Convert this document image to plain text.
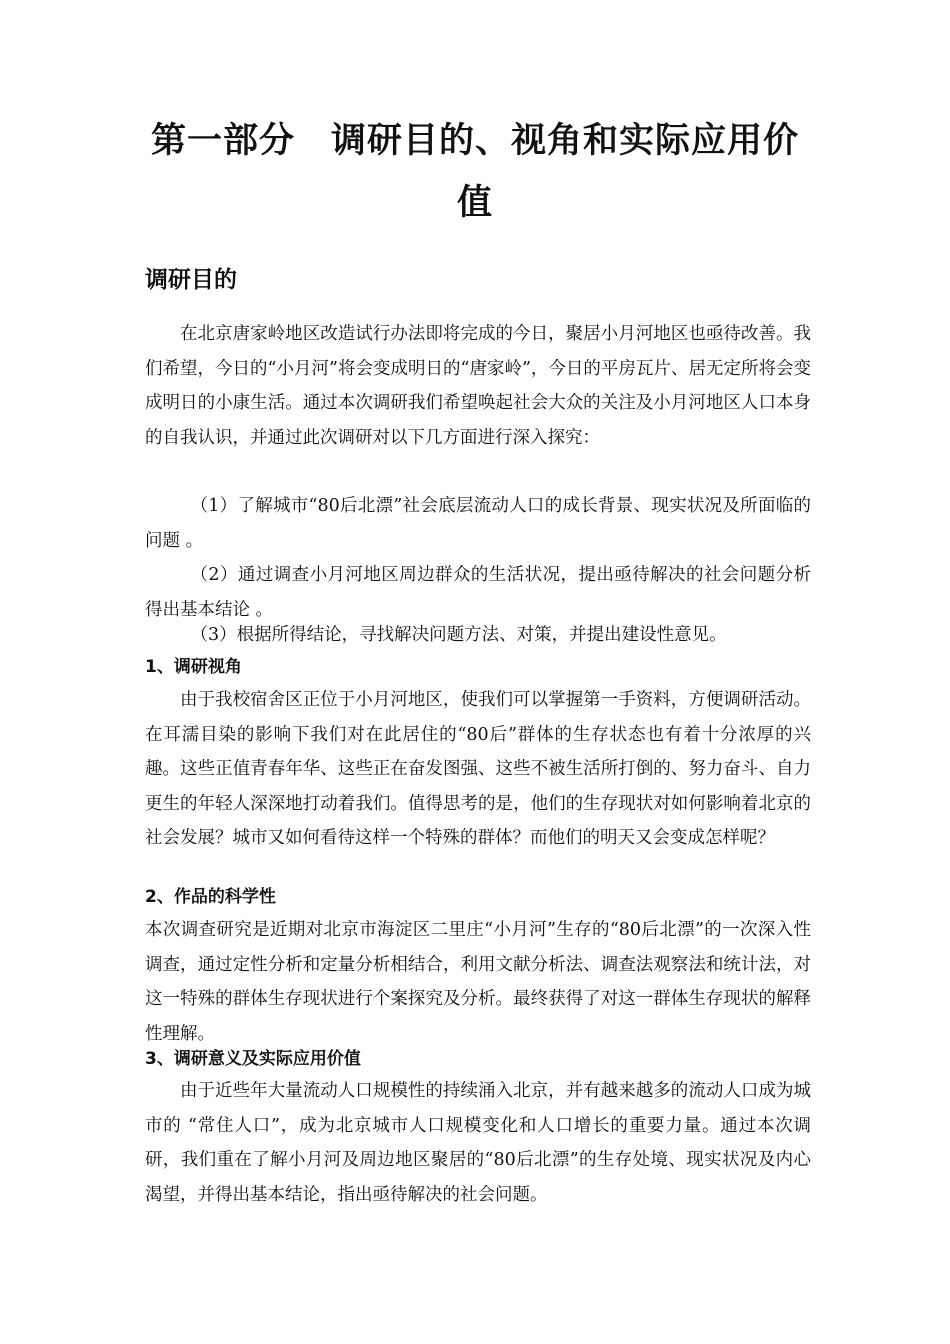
第一部分　调研目的、视角和实际应用价
值
调研目的

在北京唐家岭地区改造试行办法即将完成的今日，聚居小月河地区也亟待改善。我们希望，今日的“小月河”将会变成明日的“唐家岭”，今日的平房瓦片、居无定所将会变成明日的小康生活。通过本次调研我们希望唤起社会大众的关注及小月河地区人口本身的自我认识，并通过此次调研对以下几方面进行深入探究：

（1）了解城市“80后北漂”社会底层流动人口的成长背景、现实状况及所面临的问题 。

（2）通过调查小月河地区周边群众的生活状况，提出亟待解决的社会问题分析得出基本结论 。

（3）根据所得结论，寻找解决问题方法、对策，并提出建设性意见。

1、调研视角

由于我校宿舍区正位于小月河地区，使我们可以掌握第一手资料，方便调研活动。在耳濡目染的影响下我们对在此居住的“80后”群体的生存状态也有着十分浓厚的兴趣。这些正值青春年华、这些正在奋发图强、这些不被生活所打倒的、努力奋斗、自力更生的年轻人深深地打动着我们。值得思考的是，他们的生存现状对如何影响着北京的社会发展？城市又如何看待这样一个特殊的群体？而他们的明天又会变成怎样呢？

2、作品的科学性

本次调查研究是近期对北京市海淀区二里庄“小月河”生存的“80后北漂”的一次深入性调查，通过定性分析和定量分析相结合，利用文献分析法、调查法观察法和统计法，对这一特殊的群体生存现状进行个案探究及分析。最终获得了对这一群体生存现状的解释性理解。

3、调研意义及实际应用价值

由于近些年大量流动人口规模性的持续涌入北京，并有越来越多的流动人口成为城市的 “常住人口”，成为北京城市人口规模变化和人口增长的重要力量。通过本次调研，我们重在了解小月河及周边地区聚居的“80后北漂”的生存处境、现实状况及内心渴望，并得出基本结论，指出亟待解决的社会问题。
